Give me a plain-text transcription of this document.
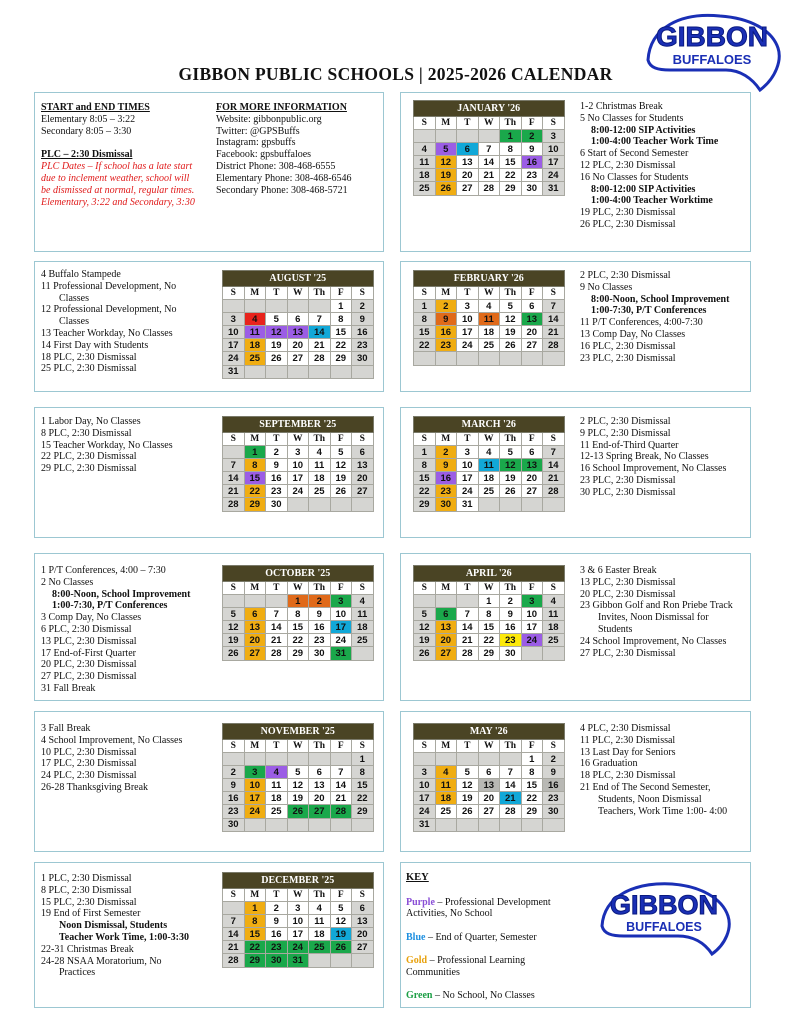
GIBBON PUBLIC SCHOOLS | 2025-2026 CALENDAR
GIBBON
BUFFALOES
START and END TIMES
Elementary 8:05 – 3:22
Secondary 8:05 – 3:30
PLC – 2:30 Dismissal
PLC Dates – If school has a late start
due to inclement weather, school will
be dismissed at normal, regular times.
Elementary, 3:22 and Secondary, 3:30
FOR MORE INFORMATION
Website: gibbonpublic.org
Twitter: @GPSBuffs
Instagram: gpsbuffs
Facebook: gpsbuffaloes
District Phone: 308-468-6555
Elementary Phone: 308-468-6546
Secondary Phone: 308-468-5721
4 Buffalo Stampede
11 Professional Development, No
Classes
12 Professional Development, No
Classes
13 Teacher Workday, No Classes
14 First Day with Students
18 PLC, 2:30 Dismissal
25 PLC, 2:30 Dismissal
1 Labor Day, No Classes
8 PLC, 2:30 Dismissal
15 Teacher Workday, No Classes
22 PLC, 2:30 Dismissal
29 PLC, 2:30 Dismissal
1 P/T Conferences, 4:00 – 7:30
2 No Classes
8:00-Noon, School Improvement
1:00-7:30, P/T Conferences
3 Comp Day, No Classes
6 PLC, 2:30 Dismissal
13 PLC, 2:30 Dismissal
17 End-of-First Quarter
20 PLC, 2:30 Dismissal
27 PLC, 2:30 Dismissal
31 Fall Break
3 Fall Break
4 School Improvement, No Classes
10 PLC, 2:30 Dismissal
17 PLC, 2:30 Dismissal
24 PLC, 2:30 Dismissal
26-28 Thanksgiving Break
1 PLC, 2:30 Dismissal
8 PLC, 2:30 Dismissal
15 PLC, 2:30 Dismissal
19 End of First Semester
Noon Dismissal, Students
Teacher Work Time, 1:00-3:30
22-31 Christmas Break
24-28 NSAA Moratorium, No
Practices
1-2 Christmas Break
5 No Classes for Students
8:00-12:00 SIP Activities
1:00-4:00 Teacher Work Time
6 Start of Second Semester
12 PLC, 2:30 Dismissal
16 No Classes for Students
8:00-12:00 SIP Activities
1:00-4:00 Teacher Worktime
19 PLC, 2:30 Dismissal
26 PLC, 2:30 Dismissal
2 PLC, 2:30 Dismissal
9 No Classes
8:00-Noon, School Improvement
1:00-7:30, P/T Conferences
11 P/T Conferences, 4:00-7:30
13 Comp Day, No Classes
16 PLC, 2:30 Dismissal
23 PLC, 2:30 Dismissal
2 PLC, 2:30 Dismissal
9 PLC, 2:30 Dismissal
11 End-of-Third Quarter
12-13 Spring Break, No Classes
16 School Improvement, No Classes
23 PLC, 2:30 Dismissal
30 PLC, 2:30 Dismissal
3 & 6 Easter Break
13 PLC, 2:30 Dismissal
20 PLC, 2:30 Dismissal
23 Gibbon Golf and Ron Priebe Track
Invites, Noon Dismissal for
Students
24 School Improvement, No Classes
27 PLC, 2:30 Dismissal
4 PLC, 2:30 Dismissal
11 PLC, 2:30 Dismissal
13 Last Day for Seniors
16 Graduation
18 PLC, 2:30 Dismissal
21 End of The Second Semester,
Students, Noon Dismissal
Teachers, Work Time 1:00- 4:00
AUGUST '25						
S	M	T	W	Th	F	S
					1	2
3	4	5	6	7	8	9
10	11	12	13	14	15	16
17	18	19	20	21	22	23
24	25	26	27	28	29	30
31						
SEPTEMBER '25						
S	M	T	W	Th	F	S
	1	2	3	4	5	6
7	8	9	10	11	12	13
14	15	16	17	18	19	20
21	22	23	24	25	26	27
28	29	30				
OCTOBER '25						
S	M	T	W	Th	F	S
			1	2	3	4
5	6	7	8	9	10	11
12	13	14	15	16	17	18
19	20	21	22	23	24	25
26	27	28	29	30	31	
NOVEMBER '25						
S	M	T	W	Th	F	S
						1
2	3	4	5	6	7	8
9	10	11	12	13	14	15
16	17	18	19	20	21	22
23	24	25	26	27	28	29
30						
DECEMBER '25						
S	M	T	W	Th	F	S
	1	2	3	4	5	6
7	8	9	10	11	12	13
14	15	16	17	18	19	20
21	22	23	24	25	26	27
28	29	30	31			
JANUARY '26						
S	M	T	W	Th	F	S
				1	2	3
4	5	6	7	8	9	10
11	12	13	14	15	16	17
18	19	20	21	22	23	24
25	26	27	28	29	30	31
FEBRUARY '26						
S	M	T	W	Th	F	S
1	2	3	4	5	6	7
8	9	10	11	12	13	14
15	16	17	18	19	20	21
22	23	24	25	26	27	28

MARCH '26						
S	M	T	W	Th	F	S
1	2	3	4	5	6	7
8	9	10	11	12	13	14
15	16	17	18	19	20	21
22	23	24	25	26	27	28
29	30	31				
APRIL '26						
S	M	T	W	Th	F	S
			1	2	3	4
5	6	7	8	9	10	11
12	13	14	15	16	17	18
19	20	21	22	23	24	25
26	27	28	29	30		
MAY '26						
S	M	T	W	Th	F	S
					1	2
3	4	5	6	7	8	9
10	11	12	13	14	15	16
17	18	19	20	21	22	23
24	25	26	27	28	29	30
31						
KEY
Purple – Professional Development
Activities, No School
Blue – End of Quarter, Semester
Gold – Professional Learning
Communities
Green – No School, No Classes
GIBBON
BUFFALOES
